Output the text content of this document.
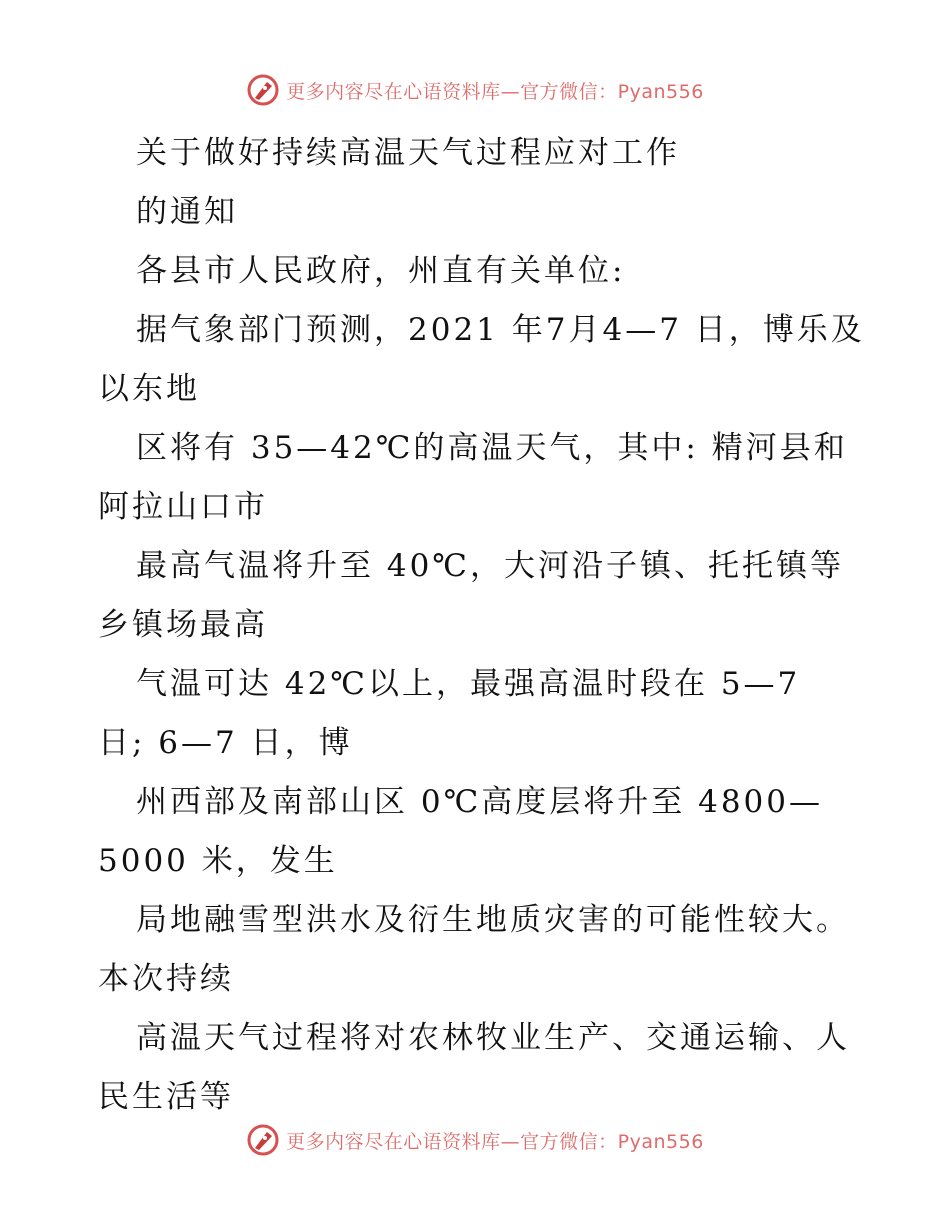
更多内容尽在心语资料库—官方微信：Pyan556
关于做好持续高温天气过程应对工作
的通知
各县市人民政府，州直有关单位:
据气象部门预测，2021 年7月4—7 日，博乐及
以东地
区将有 35—42℃的高温天气，其中: 精河县和
阿拉山口市
最高气温将升至 40℃，大河沿子镇、托托镇等
乡镇场最高
气温可达 42℃以上，最强高温时段在 5—7
日; 6—7 日，博
州西部及南部山区 0℃高度层将升至 4800—
5000 米，发生
局地融雪型洪水及衍生地质灾害的可能性较大。
本次持续
高温天气过程将对农林牧业生产、交通运输、人
民生活等
更多内容尽在心语资料库—官方微信：Pyan556
